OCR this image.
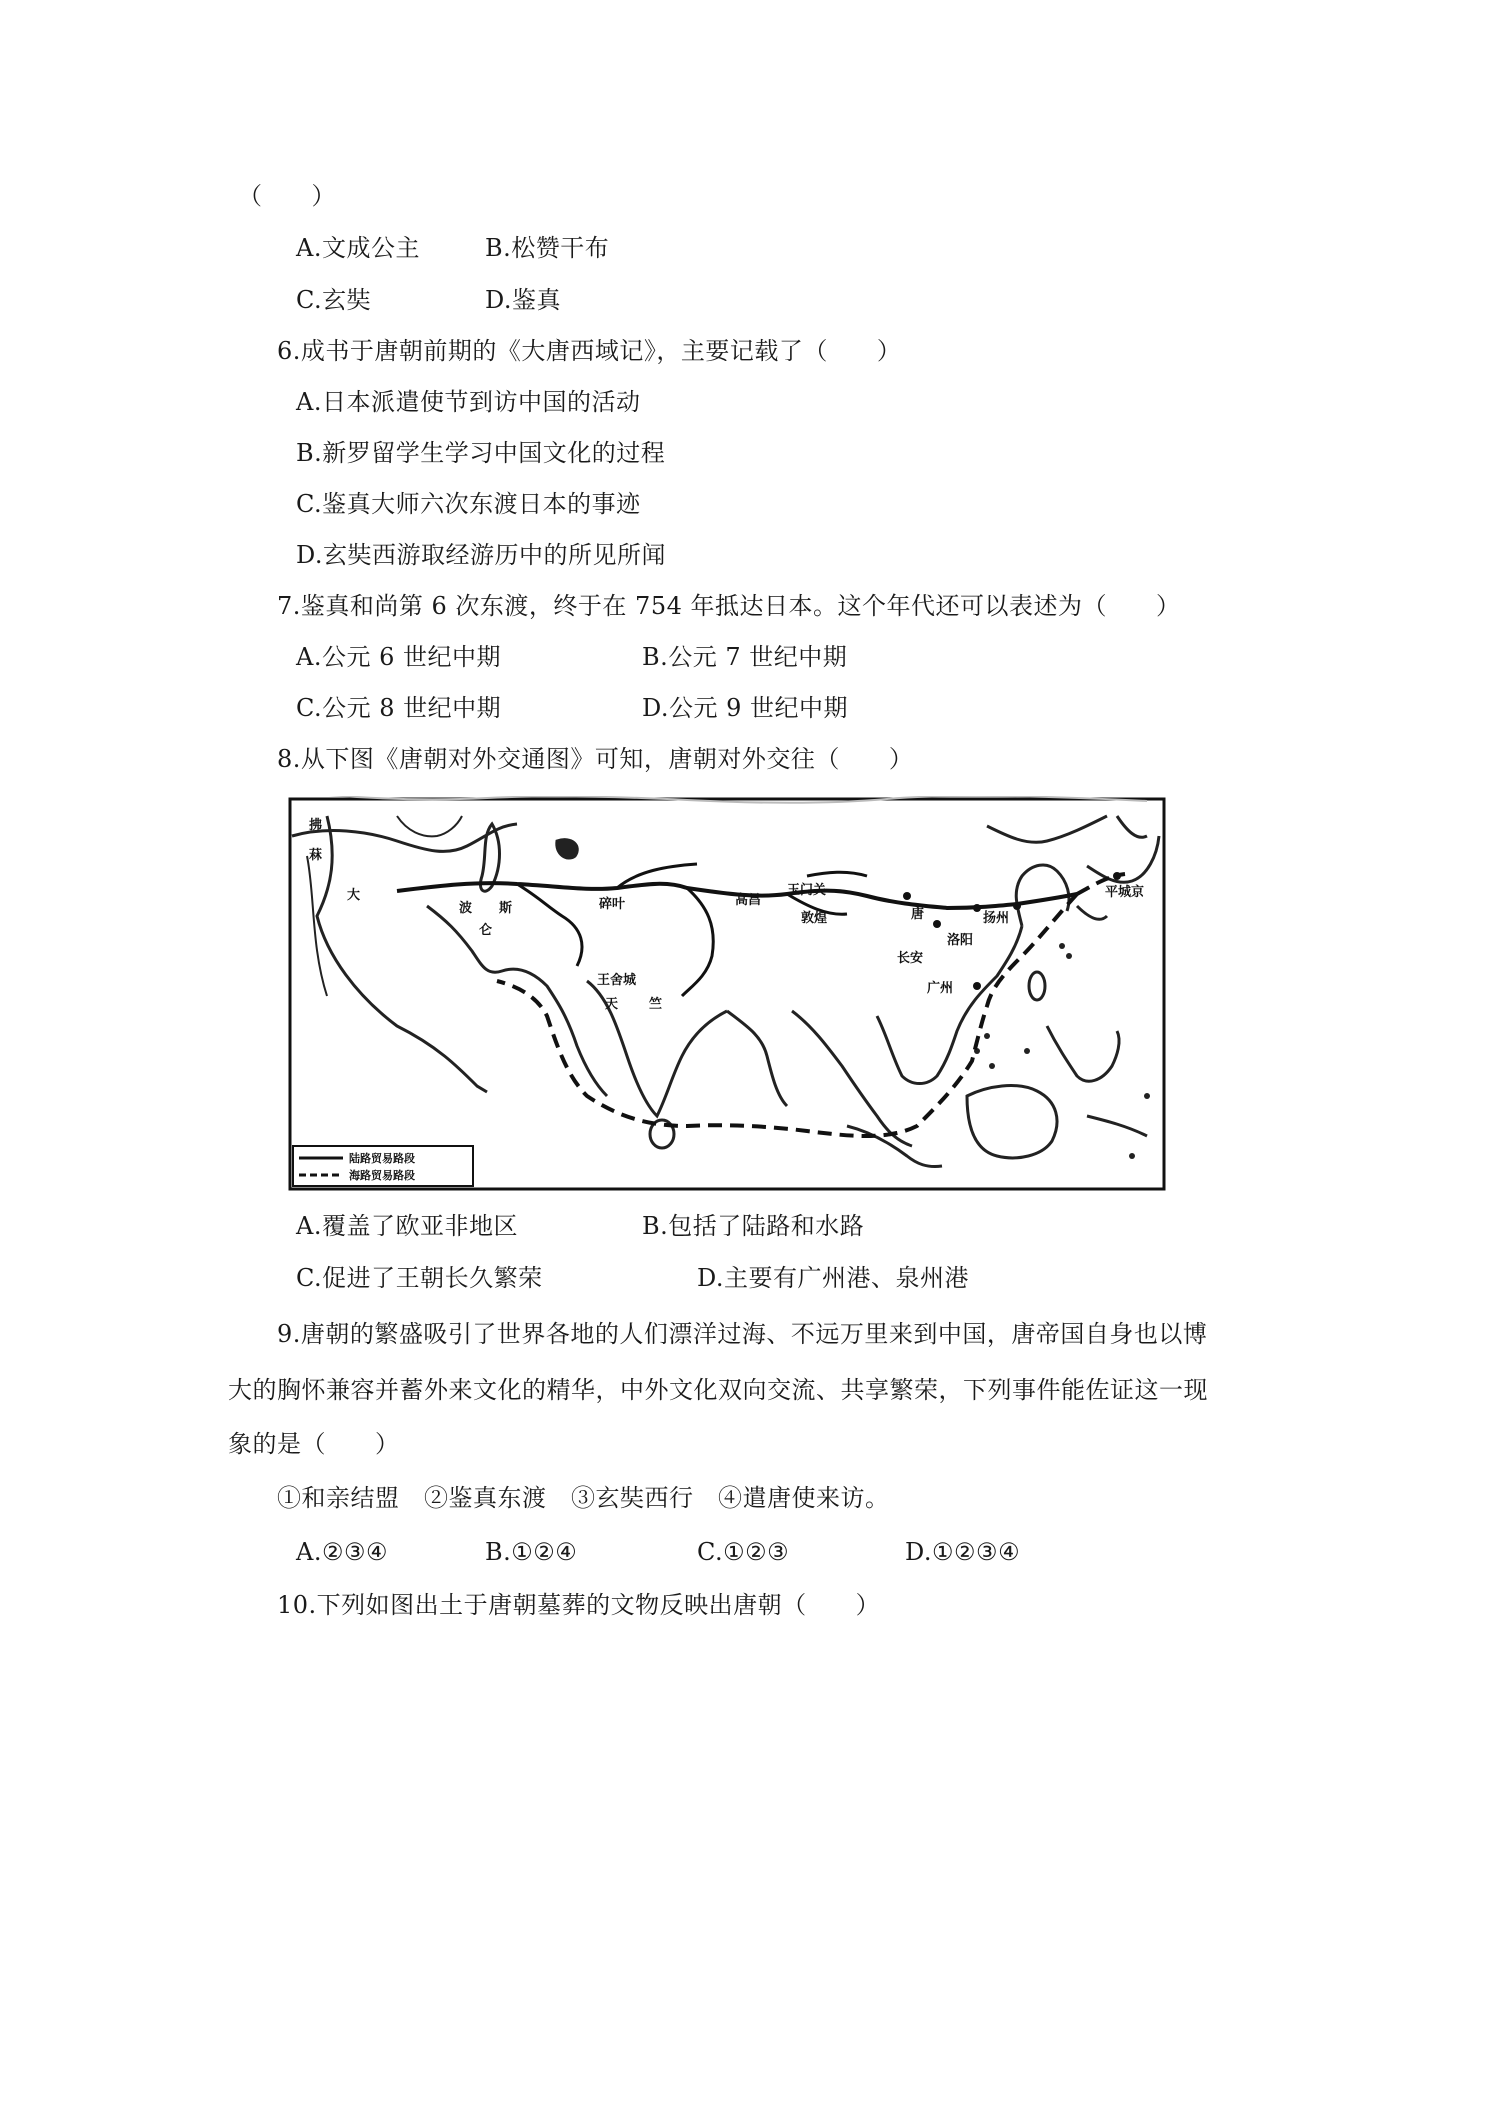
（　　）
A.文成公主	B.松赞干布
C.玄奘	D.鉴真
6.成书于唐朝前期的《大唐西域记》，主要记载了（　　）
A.日本派遣使节到访中国的活动
B.新罗留学生学习中国文化的过程
C.鉴真大师六次东渡日本的事迹
D.玄奘西游取经游历中的所见所闻
7.鉴真和尚第 6 次东渡，终于在 754 年抵达日本。这个年代还可以表述为（　　）
A.公元 6 世纪中期	B.公元 7 世纪中期
C.公元 8 世纪中期	D.公元 9 世纪中期
8.从下图《唐朝对外交通图》可知，唐朝对外交往（　　）
拂
菻
大
波 斯
仑
碎叶	高昌
玉门关
敦煌	唐
长安
洛阳
扬州
平城京
广州
王舍城
天 竺
陆路贸易路段
海路贸易路段
A.覆盖了欧亚非地区	B.包括了陆路和水路
C.促进了王朝长久繁荣	D.主要有广州港、泉州港
9.唐朝的繁盛吸引了世界各地的人们漂洋过海、不远万里来到中国，唐帝国自身也以博
大的胸怀兼容并蓄外来文化的精华，中外文化双向交流、共享繁荣，下列事件能佐证这一现
象的是（　　）
①和亲结盟　②鉴真东渡　③玄奘西行　④遣唐使来访。
A.②③④	B.①②④	C.①②③	D.①②③④
10.下列如图出土于唐朝墓葬的文物反映出唐朝（　　）
